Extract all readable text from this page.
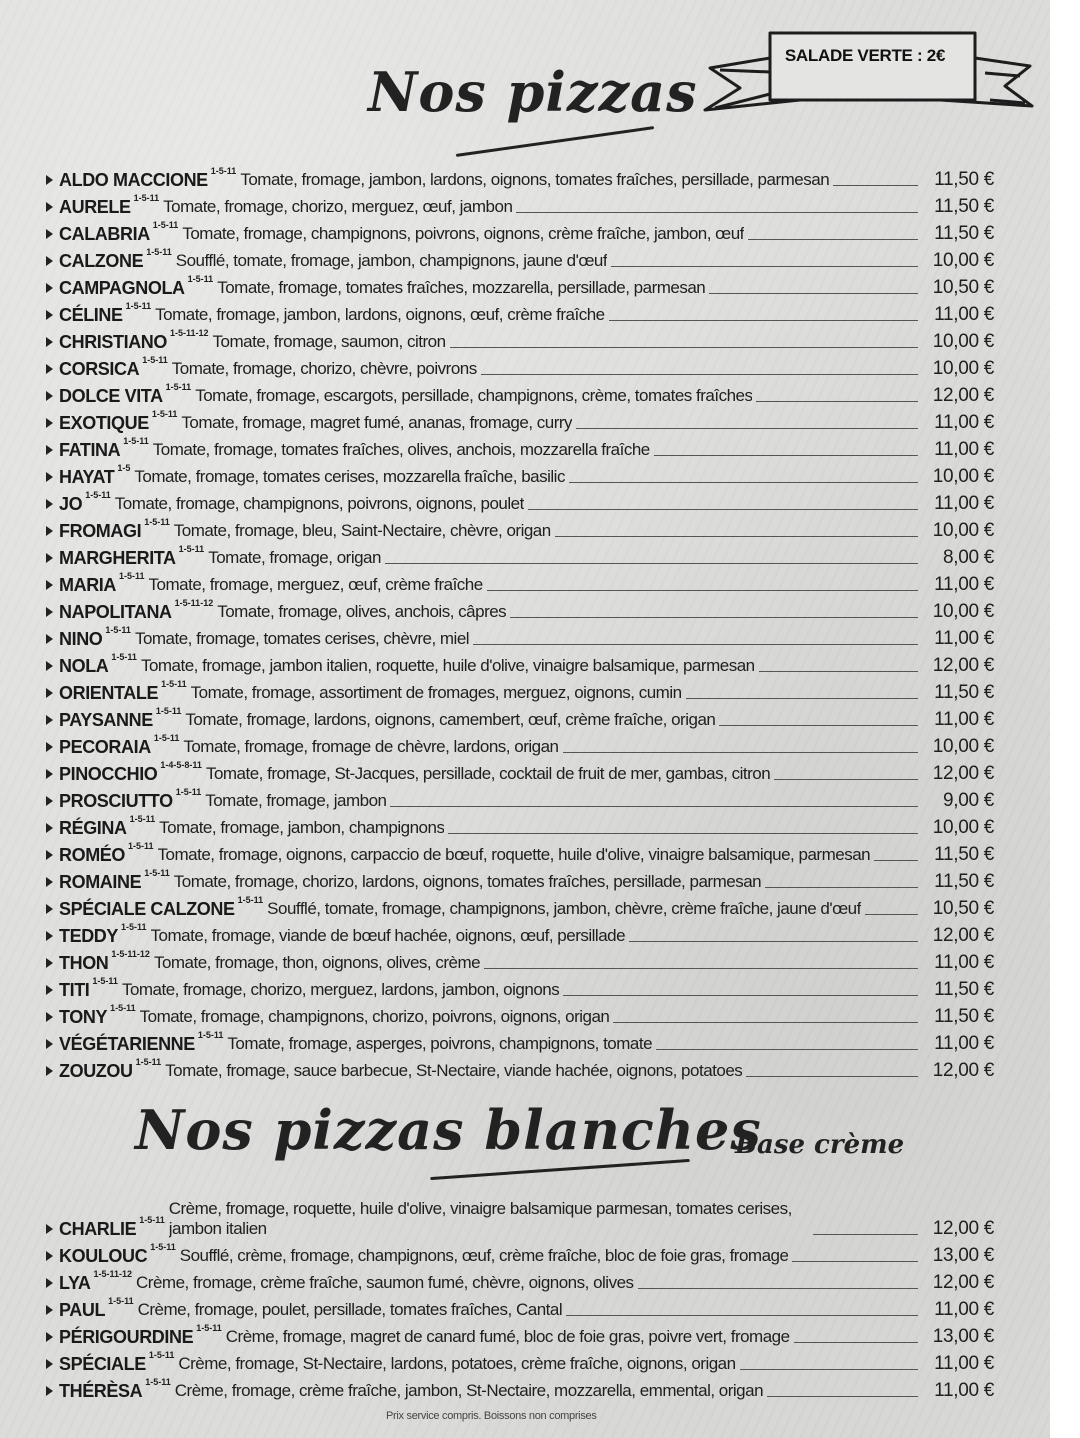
SALADE VERTE : 2€
Nos pizzas
ALDO MACCIONE 1-5-11 Tomate, fromage, jambon, lardons, oignons, tomates fraîches, persillade, parmesan	11,50 €
AURELE 1-5-11 Tomate, fromage, chorizo, merguez, œuf, jambon	11,50 €
CALABRIA 1-5-11 Tomate, fromage, champignons, poivrons, oignons, crème fraîche, jambon, œuf	11,50 €
CALZONE 1-5-11 Soufflé, tomate, fromage, jambon, champignons, jaune d'œuf	10,00 €
CAMPAGNOLA 1-5-11 Tomate, fromage, tomates fraîches, mozzarella, persillade, parmesan	10,50 €
CÉLINE 1-5-11 Tomate, fromage, jambon, lardons, oignons, œuf, crème fraîche	11,00 €
CHRISTIANO 1-5-11-12 Tomate, fromage, saumon, citron	10,00 €
CORSICA 1-5-11 Tomate, fromage, chorizo, chèvre, poivrons	10,00 €
DOLCE VITA 1-5-11 Tomate, fromage, escargots, persillade, champignons, crème, tomates fraîches	12,00 €
EXOTIQUE 1-5-11 Tomate, fromage, magret fumé, ananas, fromage, curry	11,00 €
FATINA 1-5-11 Tomate, fromage, tomates fraîches, olives, anchois, mozzarella fraîche	11,00 €
HAYAT 1-5 Tomate, fromage, tomates cerises, mozzarella fraîche, basilic	10,00 €
JO 1-5-11 Tomate, fromage, champignons, poivrons, oignons, poulet	11,00 €
FROMAGI 1-5-11 Tomate, fromage, bleu, Saint-Nectaire, chèvre, origan	10,00 €
MARGHERITA 1-5-11 Tomate, fromage, origan	8,00 €
MARIA 1-5-11 Tomate, fromage, merguez, œuf, crème fraîche	11,00 €
NAPOLITANA 1-5-11-12 Tomate, fromage, olives, anchois, câpres	10,00 €
NINO 1-5-11 Tomate, fromage, tomates cerises, chèvre, miel	11,00 €
NOLA 1-5-11 Tomate, fromage, jambon italien, roquette, huile d'olive, vinaigre balsamique, parmesan	12,00 €
ORIENTALE 1-5-11 Tomate, fromage, assortiment de fromages, merguez, oignons, cumin	11,50 €
PAYSANNE 1-5-11 Tomate, fromage, lardons, oignons, camembert, œuf, crème fraîche, origan	11,00 €
PECORAIA 1-5-11 Tomate, fromage, fromage de chèvre, lardons, origan	10,00 €
PINOCCHIO 1-4-5-8-11 Tomate, fromage, St-Jacques, persillade, cocktail de fruit de mer, gambas, citron	12,00 €
PROSCIUTTO 1-5-11 Tomate, fromage, jambon	9,00 €
RÉGINA 1-5-11 Tomate, fromage, jambon, champignons	10,00 €
ROMÉO 1-5-11 Tomate, fromage, oignons, carpaccio de bœuf, roquette, huile d'olive, vinaigre balsamique, parmesan	11,50 €
ROMAINE 1-5-11 Tomate, fromage, chorizo, lardons, oignons, tomates fraîches, persillade, parmesan	11,50 €
SPÉCIALE CALZONE 1-5-11 Soufflé, tomate, fromage, champignons, jambon, chèvre, crème fraîche, jaune d'œuf	10,50 €
TEDDY 1-5-11 Tomate, fromage, viande de bœuf hachée, oignons, œuf, persillade	12,00 €
THON 1-5-11-12 Tomate, fromage, thon, oignons, olives, crème	11,00 €
TITI 1-5-11 Tomate, fromage, chorizo, merguez, lardons, jambon, oignons	11,50 €
TONY 1-5-11 Tomate, fromage, champignons, chorizo, poivrons, oignons, origan	11,50 €
VÉGÉTARIENNE 1-5-11 Tomate, fromage, asperges, poivrons, champignons, tomate	11,00 €
ZOUZOU 1-5-11 Tomate, fromage, sauce barbecue, St-Nectaire, viande hachée, oignons, potatoes	12,00 €
Nos pizzas blanches
Base crème
CHARLIE 1-5-11
Crème, fromage, roquette, huile d'olive, vinaigre balsamique parmesan, tomates cerises, jambon italien	12,00 €
KOULOUC 1-5-11 Soufflé, crème, fromage, champignons, œuf, crème fraîche, bloc de foie gras, fromage	13,00 €
LYA 1-5-11-12 Crème, fromage, crème fraîche, saumon fumé, chèvre, oignons, olives	12,00 €
PAUL 1-5-11 Crème, fromage, poulet, persillade, tomates fraîches, Cantal	11,00 €
PÉRIGOURDINE 1-5-11 Crème, fromage, magret de canard fumé, bloc de foie gras, poivre vert, fromage	13,00 €
SPÉCIALE 1-5-11 Crème, fromage, St-Nectaire, lardons, potatoes, crème fraîche, oignons, origan	11,00 €
THÉRÈSA 1-5-11 Crème, fromage, crème fraîche, jambon, St-Nectaire, mozzarella, emmental, origan	11,00 €
Prix service compris. Boissons non comprises
